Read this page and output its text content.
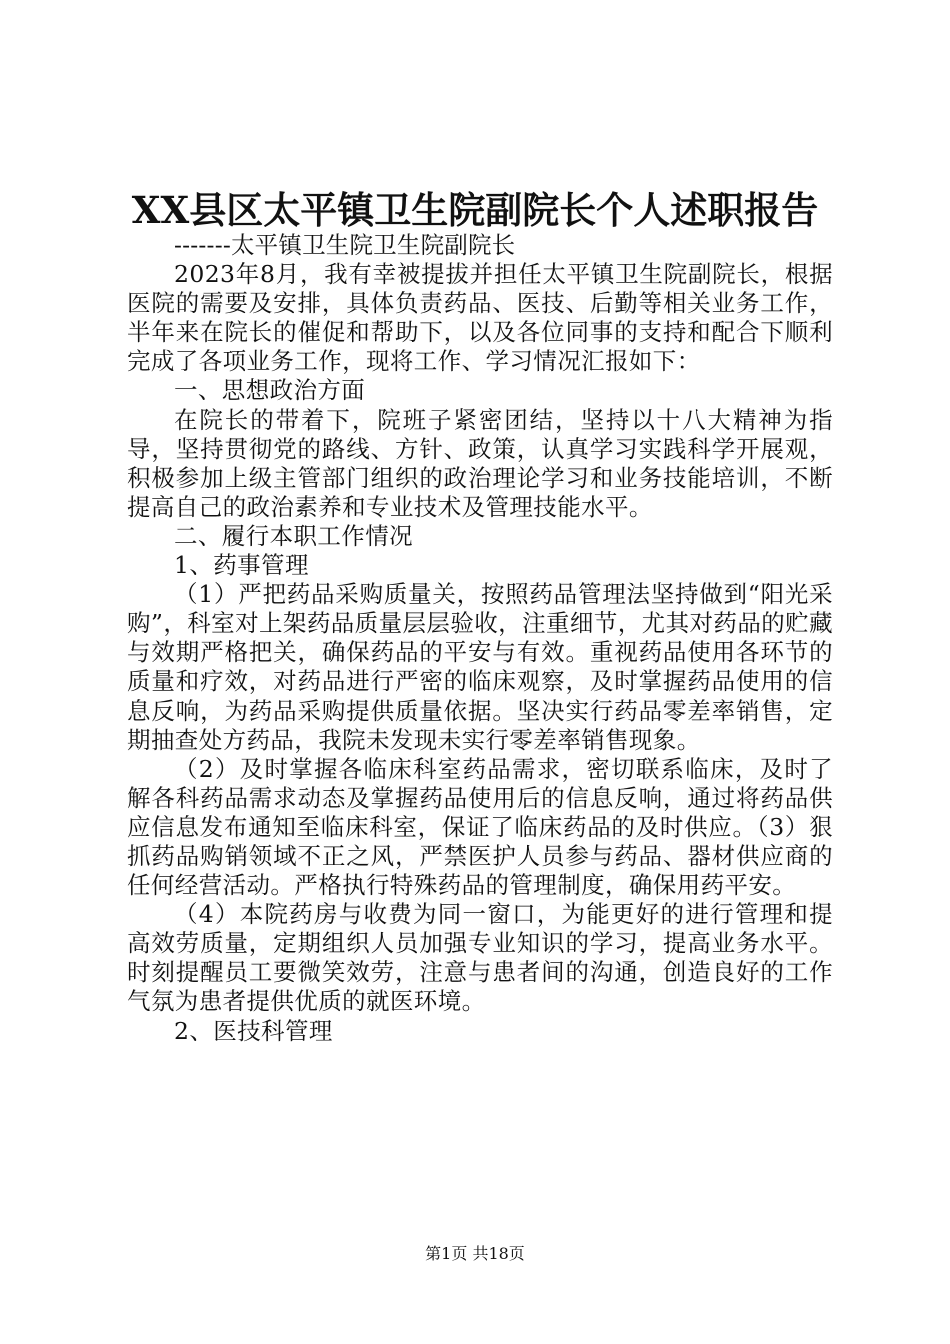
XX县区太平镇卫生院副院长个人述职报告

-------太平镇卫生院卫生院副院长

2023年8月，我有幸被提拔并担任太平镇卫生院副院长，根据医院的需要及安排，具体负责药品、医技、后勤等相关业务工作，半年来在院长的催促和帮助下，以及各位同事的支持和配合下顺利完成了各项业务工作，现将工作、学习情况汇报如下：

一、思想政治方面

在院长的带着下，院班子紧密团结，坚持以十八大精神为指导，坚持贯彻党的路线、方针、政策，认真学习实践科学开展观，积极参加上级主管部门组织的政治理论学习和业务技能培训，不断提高自己的政治素养和专业技术及管理技能水平。

二、履行本职工作情况

1、药事管理

（1）严把药品采购质量关，按照药品管理法坚持做到“阳光采购”，科室对上架药品质量层层验收，注重细节，尤其对药品的贮藏与效期严格把关，确保药品的平安与有效。重视药品使用各环节的质量和疗效，对药品进行严密的临床观察，及时掌握药品使用的信息反响，为药品采购提供质量依据。坚决实行药品零差率销售，定期抽查处方药品，我院未发现未实行零差率销售现象。

（2）及时掌握各临床科室药品需求，密切联系临床，及时了解各科药品需求动态及掌握药品使用后的信息反响，通过将药品供应信息发布通知至临床科室，保证了临床药品的及时供应。（3）狠抓药品购销领域不正之风，严禁医护人员参与药品、器材供应商的任何经营活动。严格执行特殊药品的管理制度，确保用药平安。

（4）本院药房与收费为同一窗口，为能更好的进行管理和提高效劳质量，定期组织人员加强专业知识的学习，提高业务水平。时刻提醒员工要微笑效劳，注意与患者间的沟通，创造良好的工作气氛为患者提供优质的就医环境。

2、医技科管理

第1页 共18页
